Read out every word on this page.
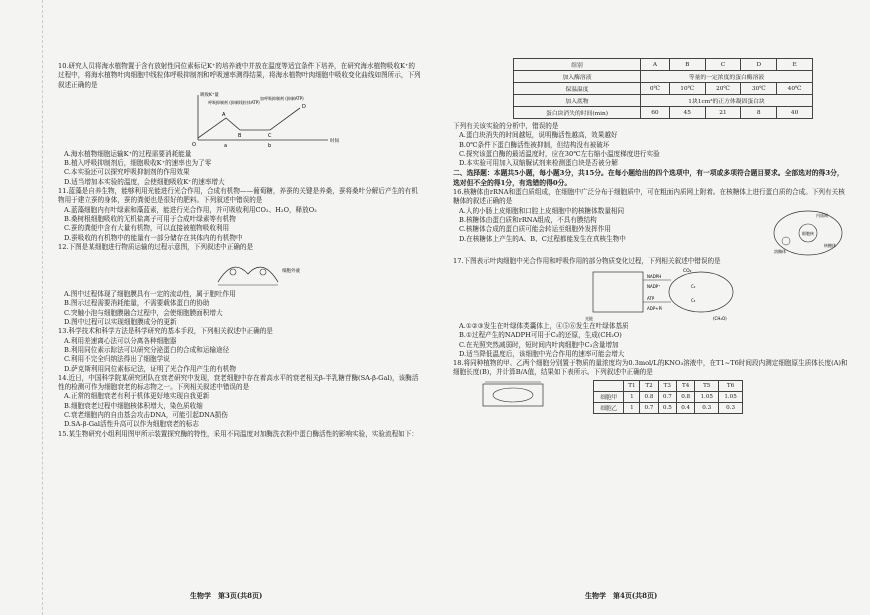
10.研究人员将海水植物置于含有放射性同位素标记K⁺的培养液中并放在温度等适宜条件下培养，在研究海水植物吸收K⁺的过程中，将海水植物叶肉细胞中线粒体呼吸抑制剂和呼吸速率测得结果，将海水植物叶肉细胞中吸收变化曲线如图所示，下列叙述正确的是

O
A
B	C
D
a	b
时间
吸收K⁺量
呼吸抑制剂 (抑制线粒体ATP)
加呼吸抑制剂 (抑制ATP)

A.海水植物细胞运输K⁺的过程需要消耗能量

B.植入呼吸抑制剂后，细胞吸收K⁺的速率也为了零

C.本实验还可以探究呼吸抑制剂的作用效果

D.适当增加本实验的温度，会使细胞吸收K⁺的速率增大

11.蓝藻是自养生物，能够利用光能进行光合作用，合成有机物——葡萄糖，养蚕的关键是养桑，蚕将桑叶分解后产生的有机物用于建立蚕的身体，蚕的粪便也是很好的肥料。下列叙述中错误的是

A.蓝藻细胞内有叶绿素和藻蓝素，能进行光合作用，并可吸收利用CO₂、H₂O，释放O₂

B.桑树根细胞吸收的无机盐离子可用于合成叶绿素等有机物

C.蚕的粪便中含有大量有机物，可以直接被植物吸收利用

D.蚕吸收的有机物中的能量有一部分储存在其体内的有机物中

12.下图是某细胞进行物质运输的过程示意图，下列叙述中正确的是

细胞外液

A.图中过程体现了细胞膜具有一定的流动性，属于胞吐作用

B.图示过程需要消耗能量，不需要载体蛋白的协助

C.突触小泡与细胞膜融合过程中，会使细胞膜面积增大

D.图中过程可以实现细胞膜成分的更新

13.科学技术和科学方法是科学研究的基本手段，下列相关叙述中正确的是

A.利用差速离心法可以分离各种细胞器

B.利用同位素示踪法可以研究分泌蛋白的合成和运输途径

C.利用不完全归纳法得出了细胞学说

D.萨克斯利用同位素标记法，证明了光合作用产生的有机物

14.近日，中国科学院某研究团队在衰老研究中发现，衰老细胞中存在着高水平的衰老相关β-半乳糖苷酶(SA-β-Gal)，该酶活性的检测可作为细胞衰老的标志物之一。下列相关叙述中错误的是

A.正常的细胞衰老有利于机体更好地实现自我更新

B.细胞衰老过程中细胞核体积增大，染色质收缩

C.衰老细胞内的自由基会攻击DNA，可能引起DNA损伤

D.SA-β-Gal活性升高可以作为细胞衰老的标志

15.某生物研究小组利用图甲所示装置探究酶的特性，采用不同温度对加酶洗衣粉中蛋白酶活性的影响实验，实验流程如下：

生物学　第3页(共8页)
组别	A	B	C	D	E
加入酶溶液	等量的一定浓度的蛋白酶溶液				
保温温度	0℃	10℃	20℃	30℃	40℃
加入底物	1块1cm³的正方体凝固蛋白块				
蛋白块消失的时间(min)	60	45	21	8	40

下列有关该实验的分析中，错误的是

A.蛋白块消失的时间越短，说明酶活性越高，效果越好

B.0℃条件下蛋白酶活性被抑制，但结构没有被破坏

C.探究该蛋白酶的最适温度时，应在30℃左右缩小温度梯度进行实验

D.本实验可用加入双缩脲试剂来检测蛋白块是否被分解

二、选择题：本题共5小题，每小题3分，共15分。在每小题给出的四个选项中，有一项或多项符合题目要求。全部选对的得3分，选对但不全的得1分，有选错的得0分。

16.核糖体由rRNA和蛋白质组成，在细胞中广泛分布于细胞质中，可在粗面内质网上附着。在核糖体上进行蛋白质的合成。下列有关核糖体的叙述正确的是

A.人的小肠上皮细胞和口腔上皮细胞中的核糖体数量相同

B.核糖体由蛋白质和rRNA组成，不具有膜结构

C.核糖体合成的蛋白质可能会转运至细胞外发挥作用

D.在核糖体上产生的A、B、C过程都能发生在真核生物中

细胞核
内质网
核糖体
溶酶体

17.下图表示叶肉细胞中光合作用和呼吸作用的部分物质变化过程，下列相关叙述中错误的是

CO₂
NADPH
NADP⁺
ATP
ADP+Pi
光能	(CH₂O)
C₃
C₅

A.①②③发生在叶绿体类囊体上，④⑤⑥发生在叶绿体基质

B.①过程产生的NADPH可用于C₃的还原，生成(CH₂O)

C.在光照突然减弱时，短时间内叶肉细胞中C₃含量增加

D.适当降低温度后，该细胞中光合作用的速率可能会增大

18.将同种植物的甲、乙两个细胞分别置于物质的量浓度均为0.3mol/L的KNO₃溶液中，在T1~T6时间段内测定细胞原生质体长度(A)和细胞长度(B)，并计算B/A值，结果如下表所示。下列叙述中正确的是

	T1	T2	T3	T4	T5	T6
细胞甲	1	0.8	0.7	0.8	1.05	1.05
细胞乙	1	0.7	0.5	0.4	0.3	0.3
生物学　第4页(共8页)
